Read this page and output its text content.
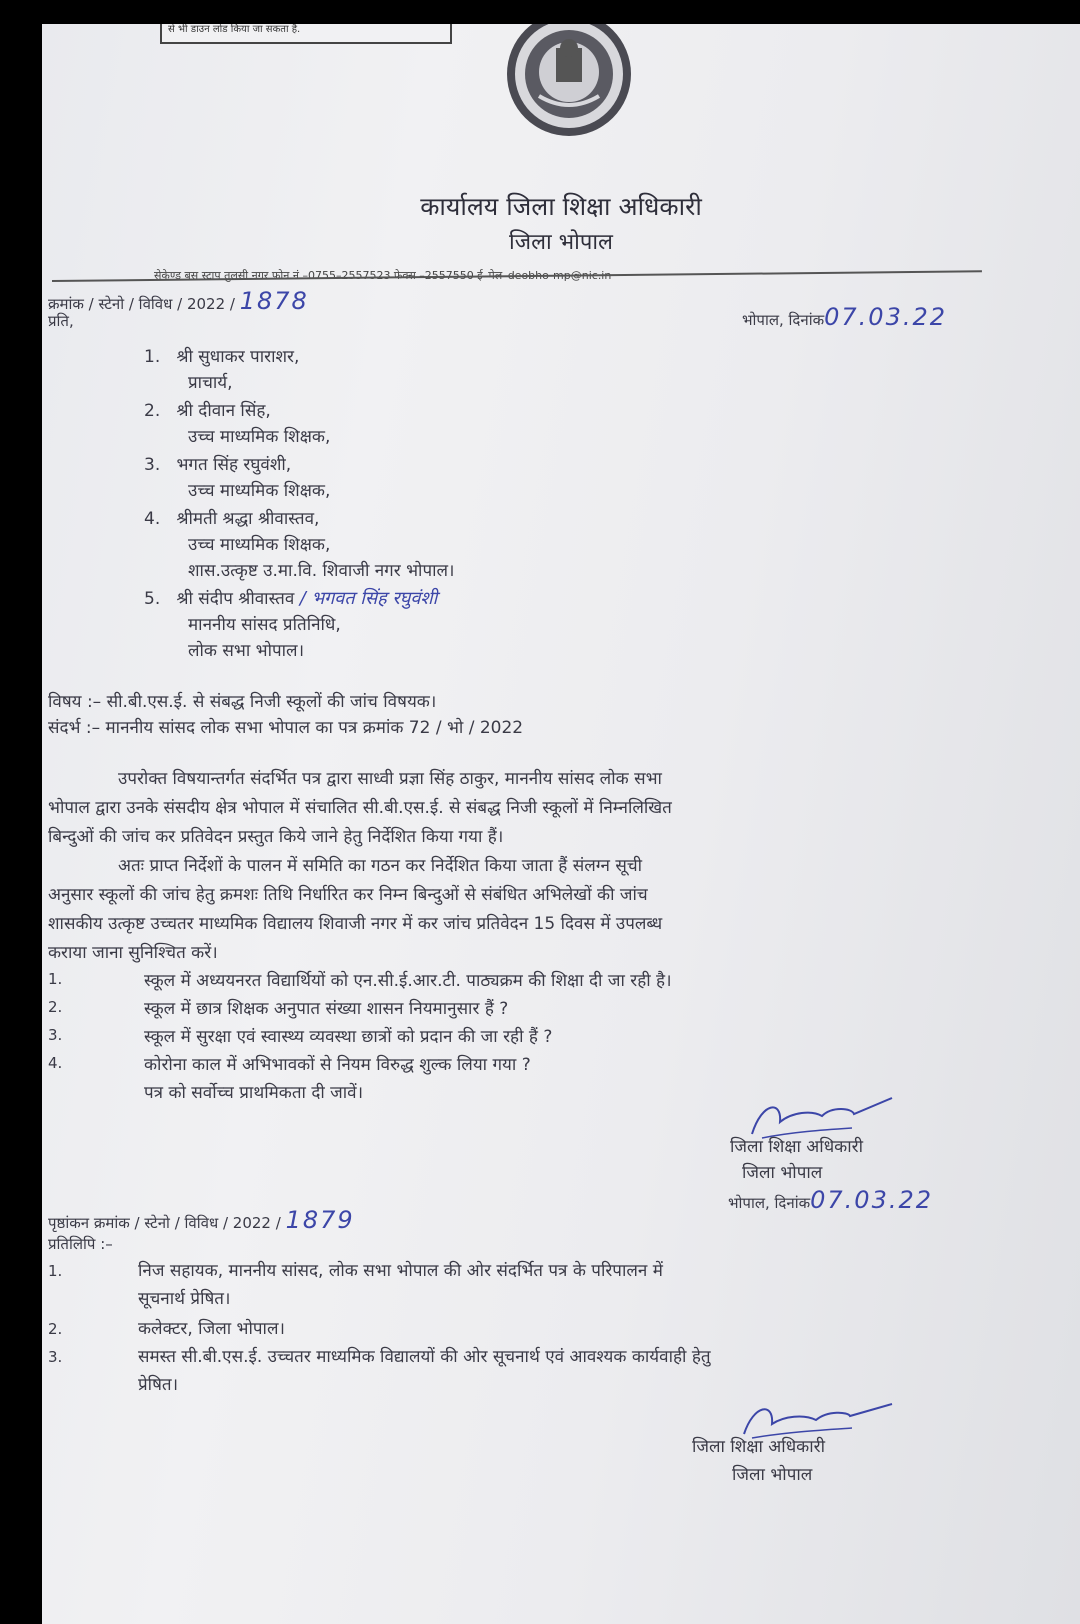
से भी डाउन लोड किया जा सकता है.
कार्यालय जिला शिक्षा अधिकारी
जिला भोपाल
सेकेण्ड बस स्टाप तुलसी नगर फोन नं.–0755–2557523 फेक्स –2557550 ई–मेल–deobho-mp@nic.in
क्रमांक / स्टेनो / विविध / 2022 / 1878
प्रति,	भोपाल, दिनांक07.03.22
1. श्री सुधाकर पाराशर,
प्राचार्य,
2. श्री दीवान सिंह,
उच्च माध्यमिक शिक्षक,
3. भगत सिंह रघुवंशी,
उच्च माध्यमिक शिक्षक,
4. श्रीमती श्रद्धा श्रीवास्तव,
उच्च माध्यमिक शिक्षक,
शास.उत्कृष्ट उ.मा.वि. शिवाजी नगर भोपाल।
5. श्री संदीप श्रीवास्तव / भगवत सिंह रघुवंशी
माननीय सांसद प्रतिनिधि,
लोक सभा भोपाल।
विषय :– सी.बी.एस.ई. से संबद्ध निजी स्कूलों की जांच विषयक।
संदर्भ :– माननीय सांसद लोक सभा भोपाल का पत्र क्रमांक 72 / भो / 2022
उपरोक्त विषयान्तर्गत संदर्भित पत्र द्वारा साध्वी प्रज्ञा सिंह ठाकुर, माननीय सांसद लोक सभा
भोपाल द्वारा उनके संसदीय क्षेत्र भोपाल में संचालित सी.बी.एस.ई. से संबद्ध निजी स्कूलों में निम्नलिखित
बिन्दुओं की जांच कर प्रतिवेदन प्रस्तुत किये जाने हेतु निर्देशित किया गया हैं।
अतः प्राप्त निर्देशों के पालन में समिति का गठन कर निर्देशित किया जाता हैं संलग्न सूची
अनुसार स्कूलों की जांच हेतु क्रमशः तिथि निर्धारित कर निम्न बिन्दुओं से संबंधित अभिलेखों की जांच
शासकीय उत्कृष्ट उच्चतर माध्यमिक विद्यालय शिवाजी नगर में कर जांच प्रतिवेदन 15 दिवस में उपलब्ध
कराया जाना सुनिश्चित करें।
1.	स्कूल में अध्ययनरत विद्यार्थियों को एन.सी.ई.आर.टी. पाठ्यक्रम की शिक्षा दी जा रही है।
2.	स्कूल में छात्र शिक्षक अनुपात संख्या शासन नियमानुसार हैं ?
3.	स्कूल में सुरक्षा एवं स्वास्थ्य व्यवस्था छात्रों को प्रदान की जा रही हैं ?
4.	कोरोना काल में अभिभावकों से नियम विरुद्ध शुल्क लिया गया ?
पत्र को सर्वोच्च प्राथमिकता दी जावें।
जिला शिक्षा अधिकारी
जिला भोपाल
भोपाल, दिनांक07.03.22
पृष्ठांकन क्रमांक / स्टेनो / विविध / 2022 / 1879
प्रतिलिपि :–
1.	निज सहायक, माननीय सांसद, लोक सभा भोपाल की ओर संदर्भित पत्र के परिपालन में
सूचनार्थ प्रेषित।
2.	कलेक्टर, जिला भोपाल।
3.	समस्त सी.बी.एस.ई. उच्चतर माध्यमिक विद्यालयों की ओर सूचनार्थ एवं आवश्यक कार्यवाही हेतु
प्रेषित।
जिला शिक्षा अधिकारी
जिला भोपाल
